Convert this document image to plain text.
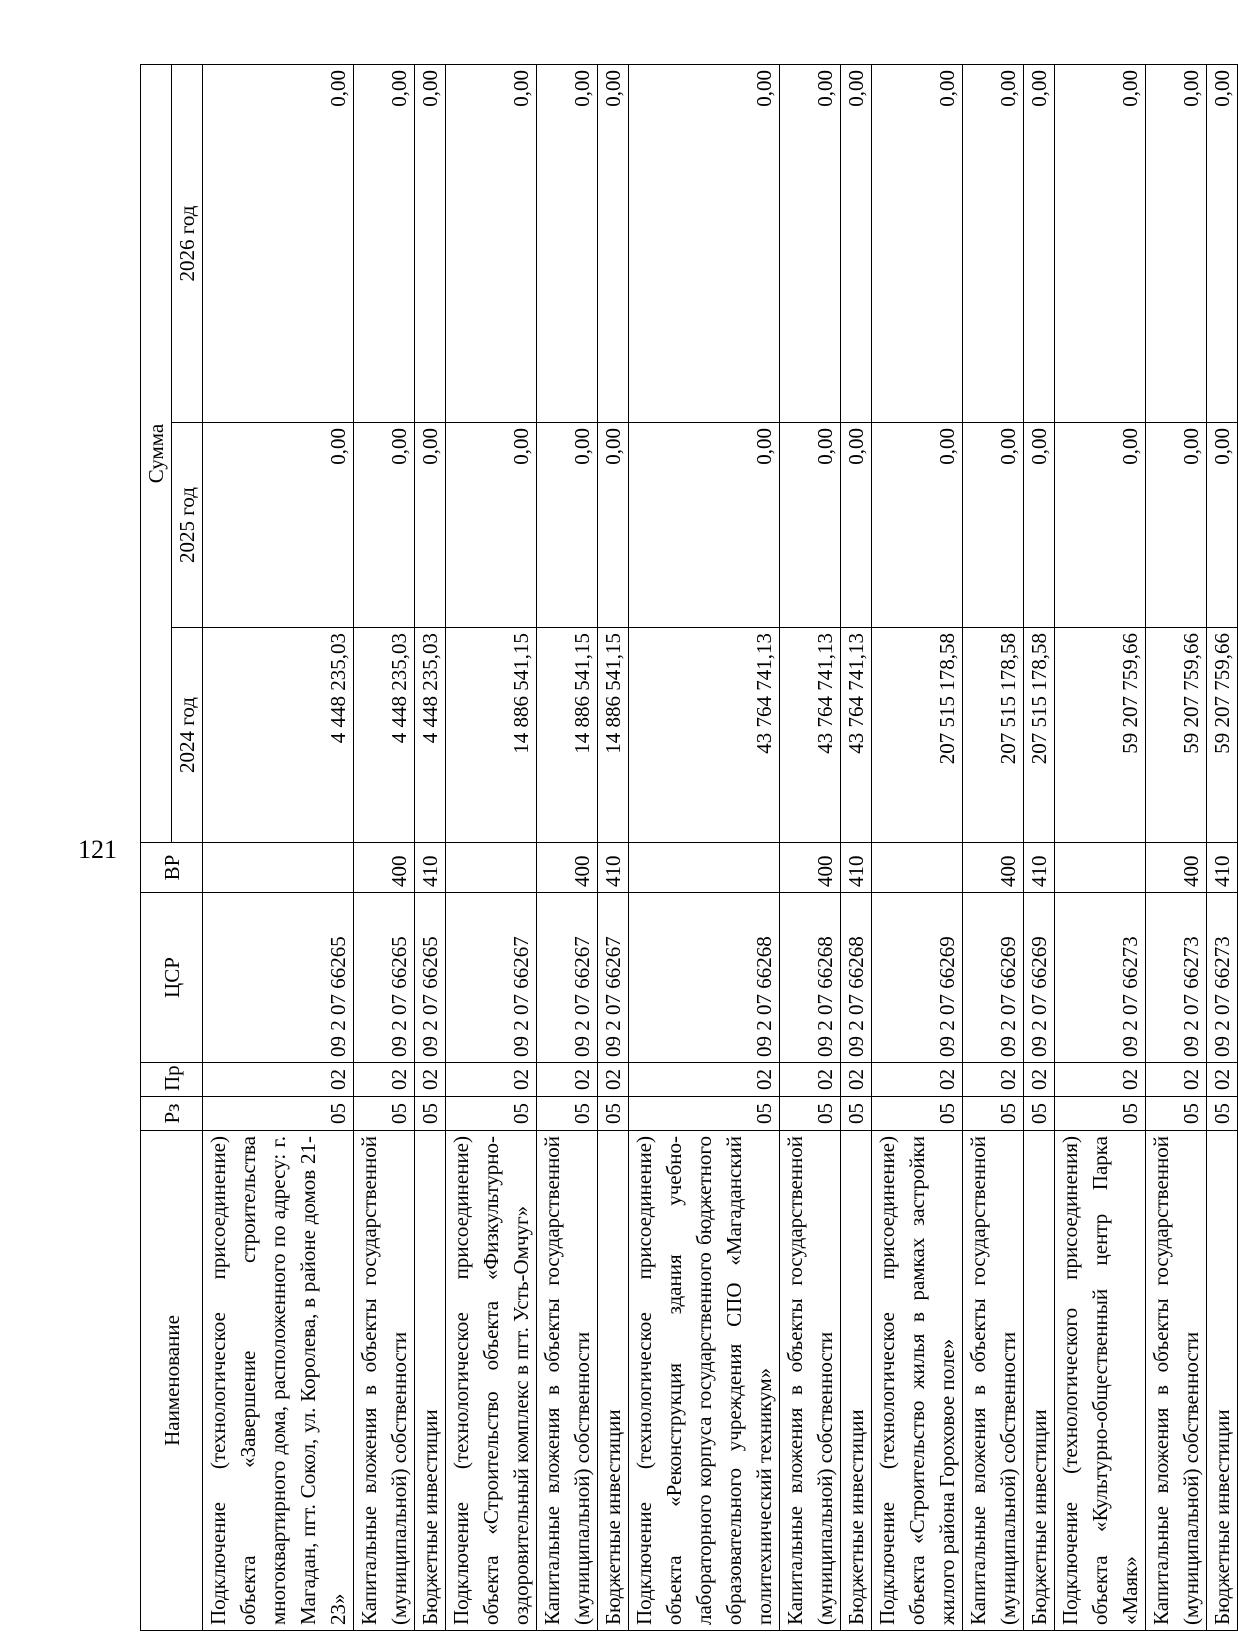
121
Наименование	Рз	Пр	ЦСР	ВР	Сумма		
					2024 год	2025 год	2026 год
Подключение (технологическое присоединение) объекта «Завершение строительства многоквартирного дома, расположенного по адресу: г. Магадан, пгт. Сокол, ул. Королева, в районе домов 21-23»	05	02	09 2 07 66265		4 448 235,03	0,00	0,00
Капитальные вложения в объекты государственной (муниципальной) собственности	05	02	09 2 07 66265	400	4 448 235,03	0,00	0,00
Бюджетные инвестиции	05	02	09 2 07 66265	410	4 448 235,03	0,00	0,00
Подключение (технологическое присоединение) объекта «Строительство объекта «Физкультурно-оздоровительный комплекс в пгт. Усть-Омчуг»	05	02	09 2 07 66267		14 886 541,15	0,00	0,00
Капитальные вложения в объекты государственной (муниципальной) собственности	05	02	09 2 07 66267	400	14 886 541,15	0,00	0,00
Бюджетные инвестиции	05	02	09 2 07 66267	410	14 886 541,15	0,00	0,00
Подключение (технологическое присоединение) объекта «Реконструкция здания учебно-лабораторного корпуса государственного бюджетного образовательного учреждения СПО «Магаданский политехнический техникум»	05	02	09 2 07 66268		43 764 741,13	0,00	0,00
Капитальные вложения в объекты государственной (муниципальной) собственности	05	02	09 2 07 66268	400	43 764 741,13	0,00	0,00
Бюджетные инвестиции	05	02	09 2 07 66268	410	43 764 741,13	0,00	0,00
Подключение (технологическое присоединение) объекта «Строительство жилья в рамках застройки жилого района Гороховое поле»	05	02	09 2 07 66269		207 515 178,58	0,00	0,00
Капитальные вложения в объекты государственной (муниципальной) собственности	05	02	09 2 07 66269	400	207 515 178,58	0,00	0,00
Бюджетные инвестиции	05	02	09 2 07 66269	410	207 515 178,58	0,00	0,00
Подключение (технологического присоединения) объекта «Культурно-общественный центр Парка «Маяк»	05	02	09 2 07 66273		59 207 759,66	0,00	0,00
Капитальные вложения в объекты государственной (муниципальной) собственности	05	02	09 2 07 66273	400	59 207 759,66	0,00	0,00
Бюджетные инвестиции	05	02	09 2 07 66273	410	59 207 759,66	0,00	0,00
